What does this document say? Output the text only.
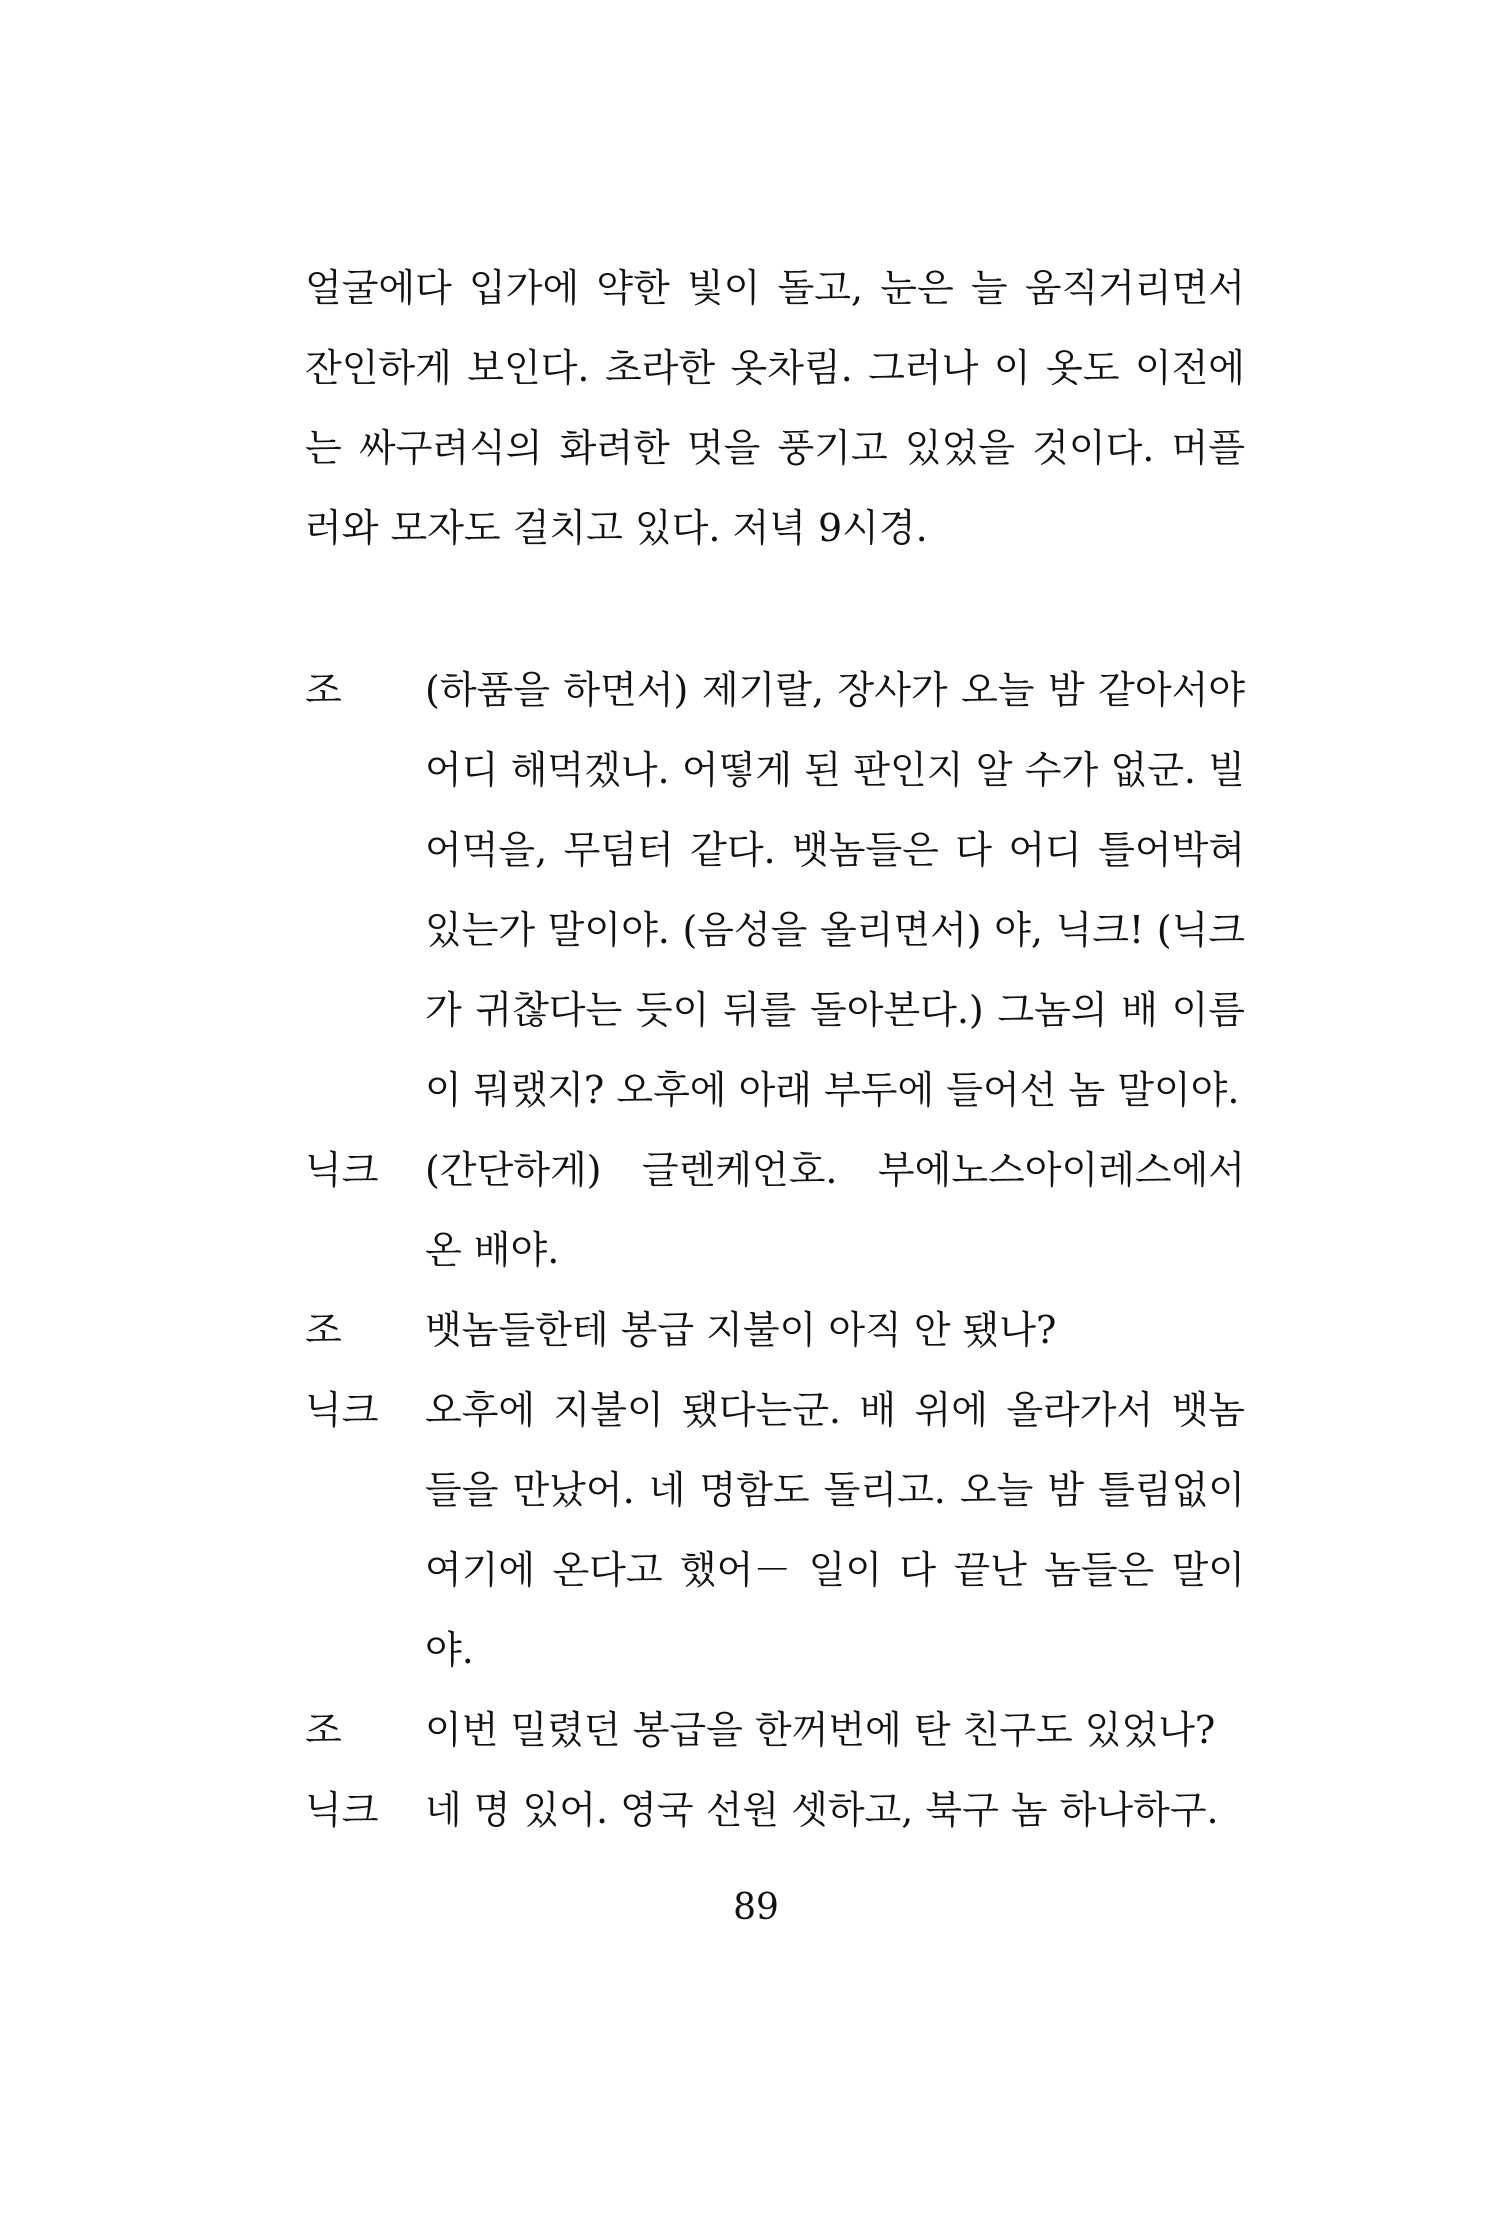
얼굴에다 입가에 약한 빛이 돌고, 눈은 늘 움직거리면서
잔인하게 보인다. 초라한 옷차림. 그러나 이 옷도 이전에
는 싸구려식의 화려한 멋을 풍기고 있었을 것이다. 머플
러와 모자도 걸치고 있다. 저녁 9시경.
조	(하품을 하면서) 제기랄, 장사가 오늘 밤 같아서야
어디 해먹겠나. 어떻게 된 판인지 알 수가 없군. 빌
어먹을, 무덤터 같다. 뱃놈들은 다 어디 틀어박혀
있는가 말이야. (음성을 올리면서) 야, 닉크! (닉크
가 귀찮다는 듯이 뒤를 돌아본다.) 그놈의 배 이름
이 뭐랬지? 오후에 아래 부두에 들어선 놈 말이야.
닉크	(간단하게) 글렌케언호. 부에노스아이레스에서
온 배야.
조	뱃놈들한테 봉급 지불이 아직 안 됐나?
닉크	오후에 지불이 됐다는군. 배 위에 올라가서 뱃놈
들을 만났어. 네 명함도 돌리고. 오늘 밤 틀림없이
여기에 온다고 했어－ 일이 다 끝난 놈들은 말이
야.
조	이번 밀렸던 봉급을 한꺼번에 탄 친구도 있었나?
닉크	네 명 있어. 영국 선원 셋하고, 북구 놈 하나하구.
89
